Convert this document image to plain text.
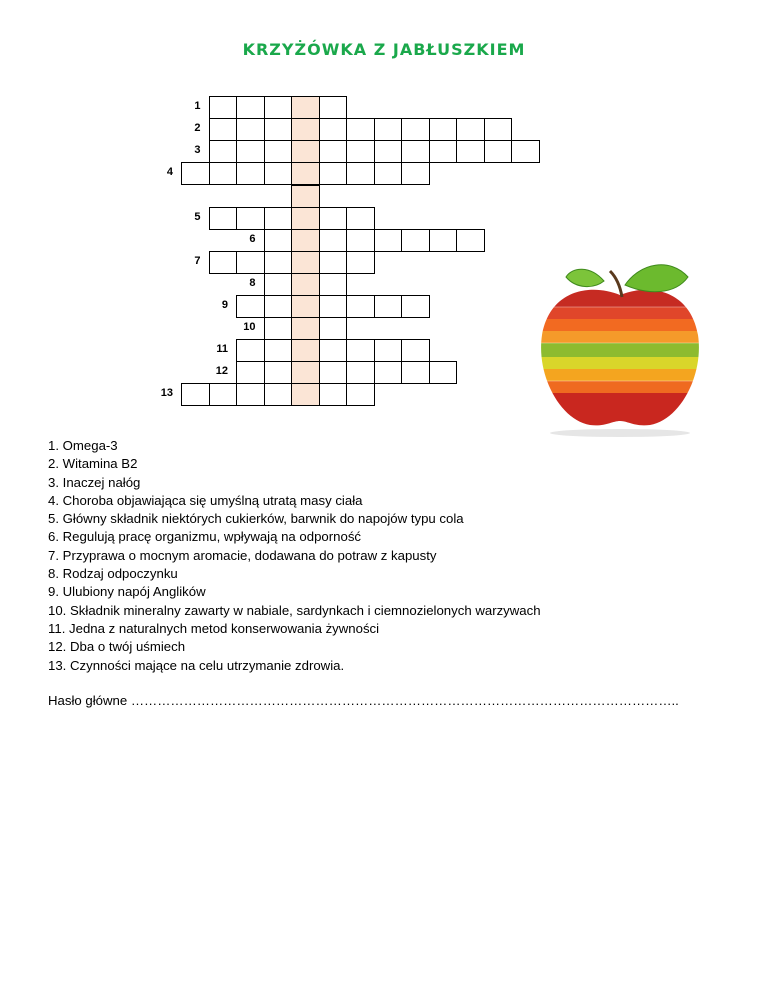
KRZYŻÓWKA Z JABŁUSZKIEM
1
2
3
4
5
6
7
8
9
10
11
12
13
1. Omega-3
2. Witamina B2
3. Inaczej nałóg
4. Choroba objawiająca się umyślną utratą masy ciała
5. Główny składnik niektórych cukierków, barwnik do napojów typu cola
6. Regulują pracę organizmu, wpływają na odporność
7. Przyprawa o mocnym aromacie, dodawana do potraw z kapusty
8. Rodzaj odpoczynku
9. Ulubiony napój Anglików
10. Składnik mineralny zawarty w nabiale, sardynkach i ciemnozielonych warzywach
11. Jedna z naturalnych metod konserwowania żywności
12. Dba o twój uśmiech
13. Czynności mające na celu utrzymanie zdrowia.
Hasło główne ……………………………………………………………………………………………………………..
